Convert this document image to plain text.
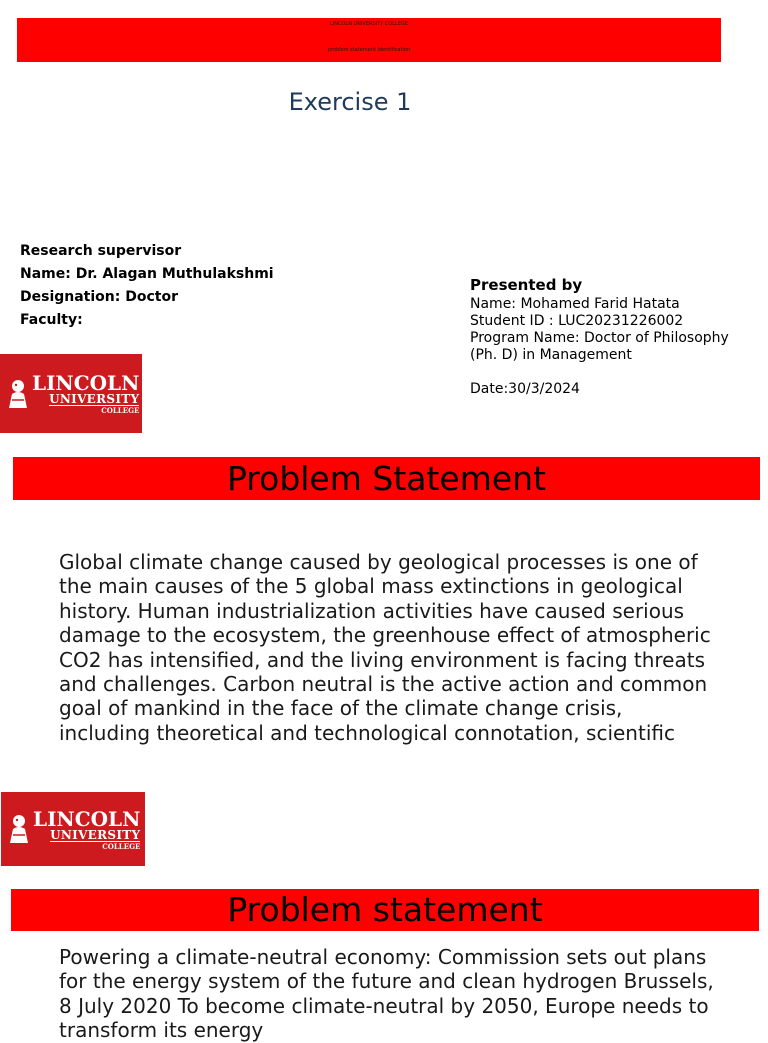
LINCOLN UNIVERSITY COLLEGE
problem statement identification
Exercise 1
Research supervisor
Name: Dr. Alagan Muthulakshmi
Designation: Doctor
Faculty:
Presented by
Name: Mohamed Farid Hatata
Student ID : LUC20231226002
Program Name: Doctor of Philosophy (Ph. D) in Management
Date:30/3/2024
LINCOLN
UNIVERSITY
COLLEGE
Problem Statement
Global climate change caused by geological processes is one of the main causes of the 5 global mass extinctions in geological history. Human industrialization activities have caused serious damage to the ecosystem, the greenhouse effect of atmospheric CO2 has intensified, and the living environment is facing threats and challenges. Carbon neutral is the active action and common goal of mankind in the face of the climate change crisis, including theoretical and technological connotation, scientific
LINCOLN
UNIVERSITY
COLLEGE
Problem statement
Powering a climate-neutral economy: Commission sets out plans for the energy system of the future and clean hydrogen Brussels, 8 July 2020 To become climate-neutral by 2050, Europe needs to transform its energy
